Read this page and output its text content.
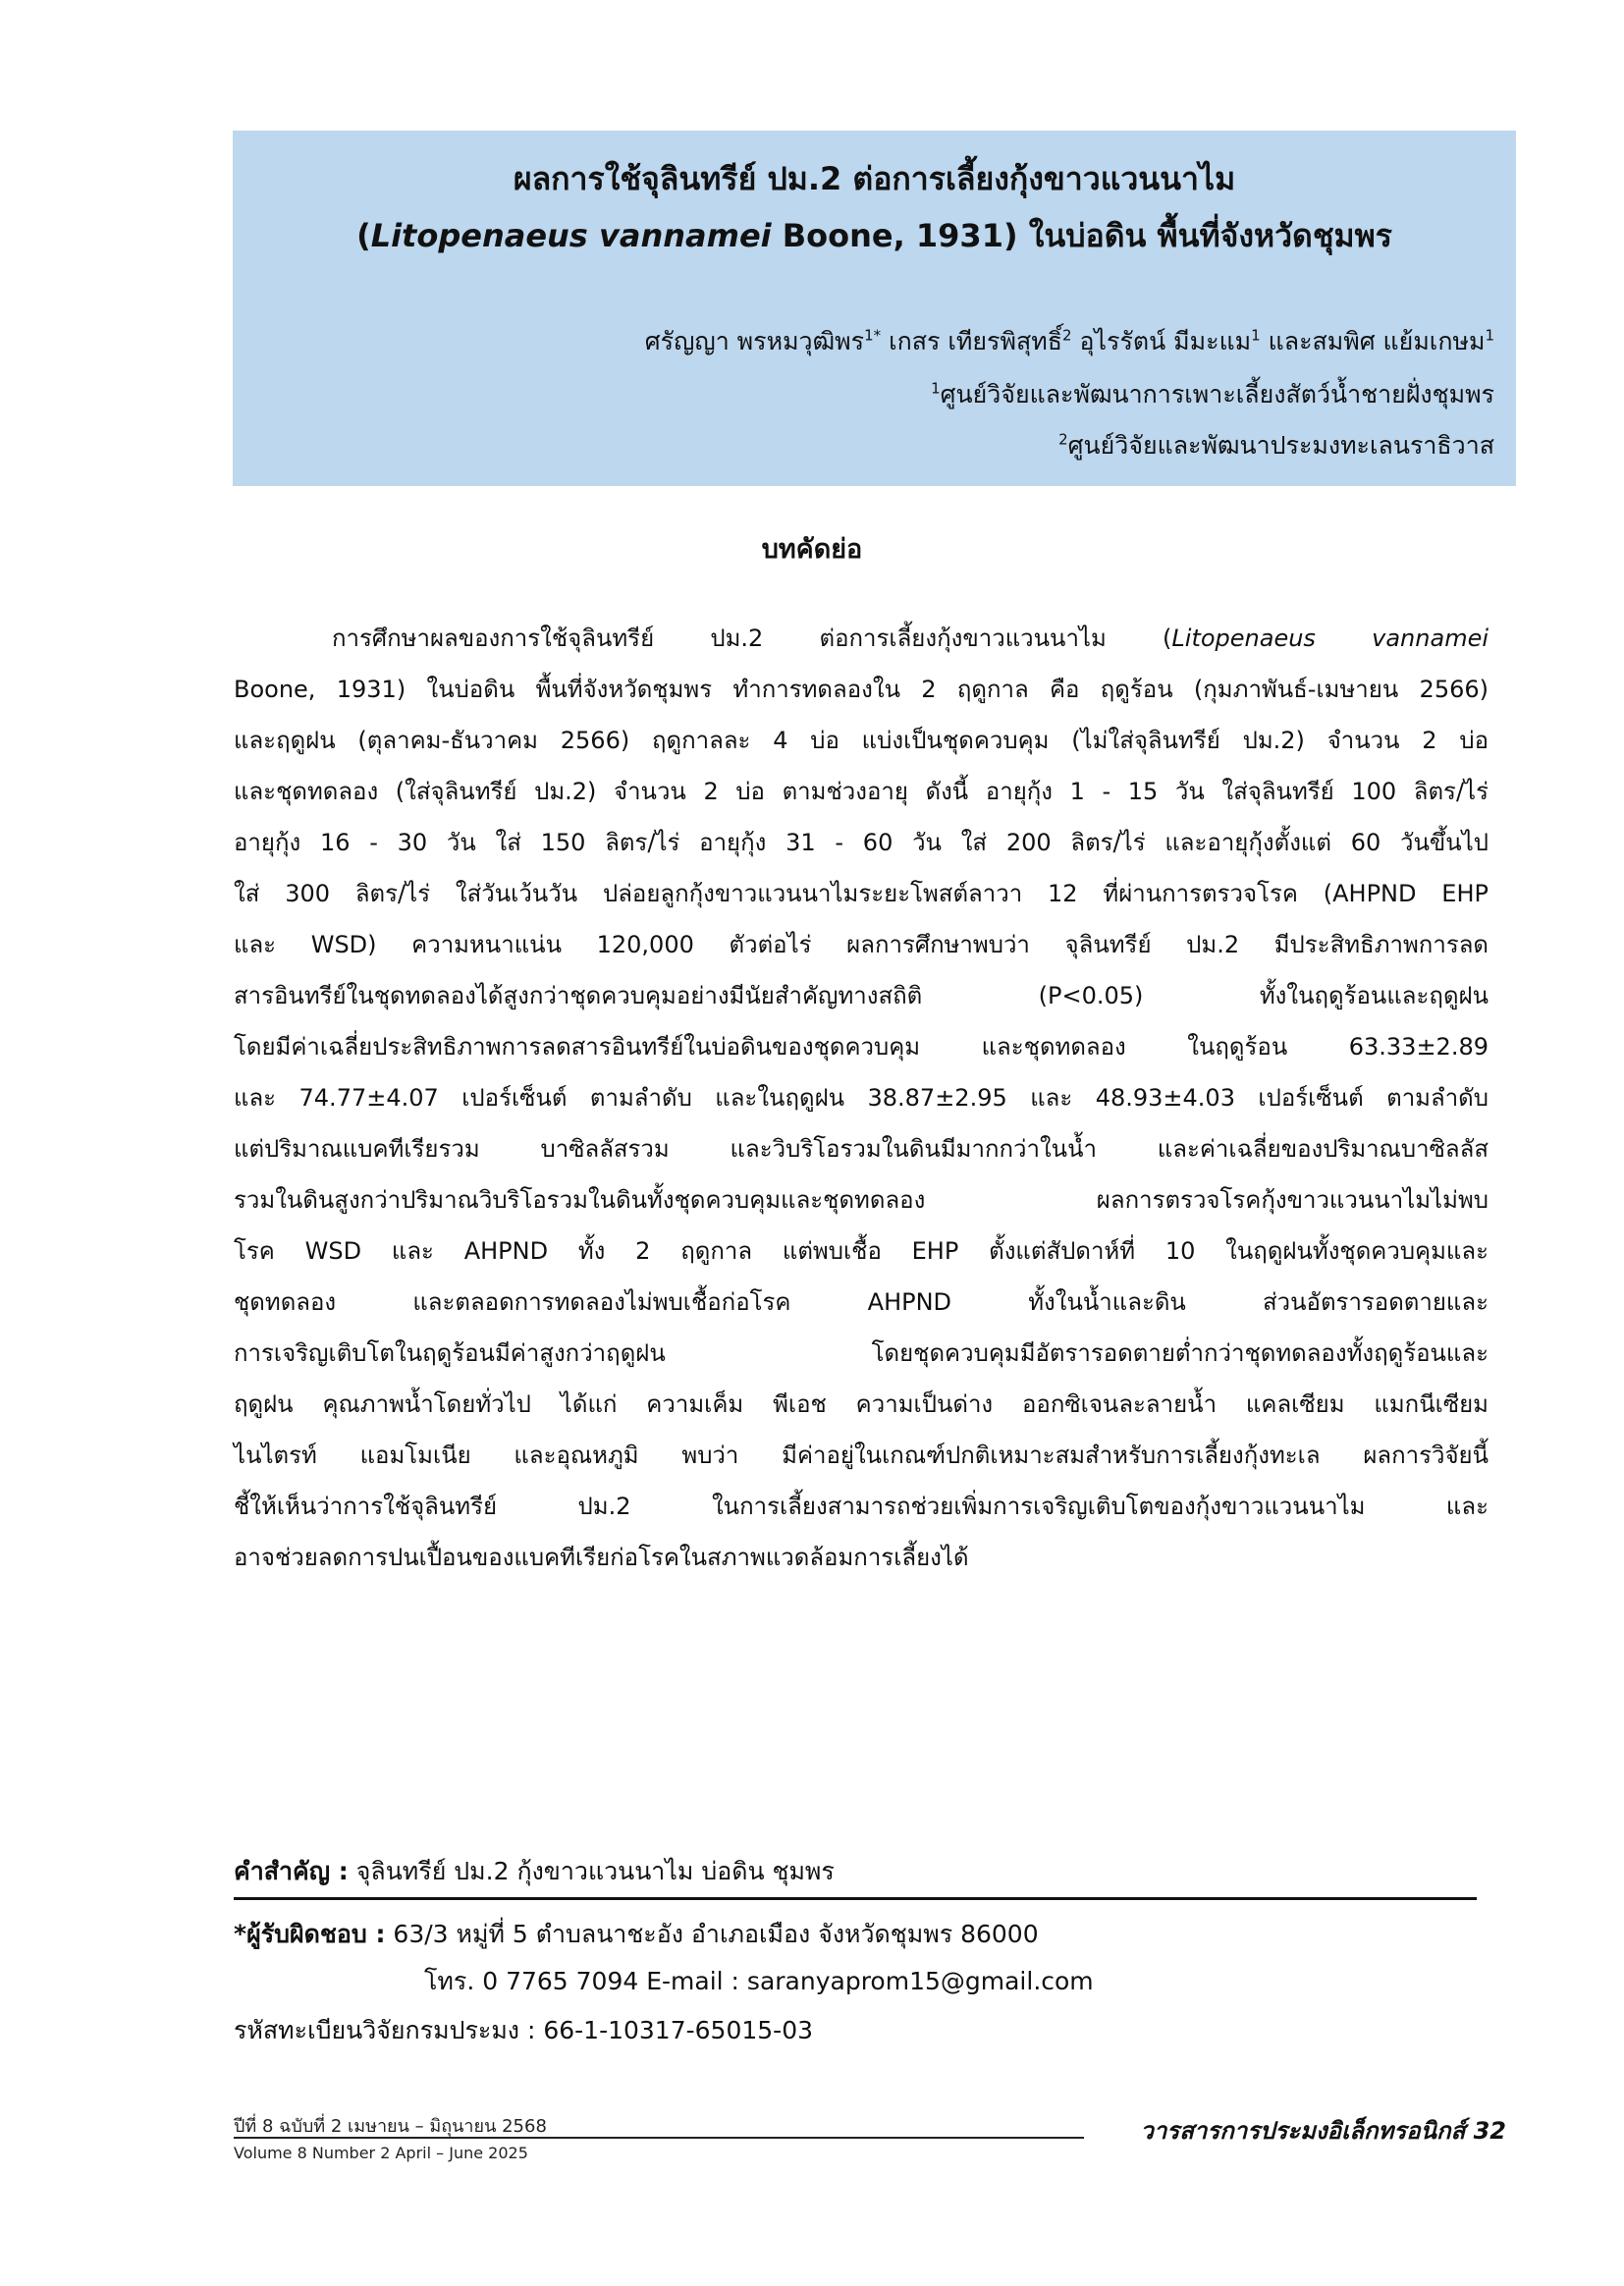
ผลการใช้จุลินทรีย์ ปม.2 ต่อการเลี้ยงกุ้งขาวแวนนาไม
(Litopenaeus vannamei Boone, 1931) ในบ่อดิน พื้นที่จังหวัดชุมพร
ศรัญญา พรหมวุฒิพร$^{1*}$ เกสร เทียรพิสุทธิ์$^2$ อุไรรัตน์ มีมะแม$^1$ และสมพิศ แย้มเกษม$^1$
$^1$ศูนย์วิจัยและพัฒนาการเพาะเลี้ยงสัตว์น้ำชายฝั่งชุมพร
$^2$ศูนย์วิจัยและพัฒนาประมงทะเลนราธิวาส
บทคัดย่อ
การศึกษาผลของการใช้จุลินทรีย์ ปม.2 ต่อการเลี้ยงกุ้งขาวแวนนาไม (Litopenaeus vannamei
Boone, 1931) ในบ่อดิน พื้นที่จังหวัดชุมพร ทำการทดลองใน 2 ฤดูกาล คือ ฤดูร้อน (กุมภาพันธ์-เมษายน 2566)
และฤดูฝน (ตุลาคม-ธันวาคม 2566) ฤดูกาลละ 4 บ่อ แบ่งเป็นชุดควบคุม (ไม่ใส่จุลินทรีย์ ปม.2) จำนวน 2 บ่อ
และชุดทดลอง (ใส่จุลินทรีย์ ปม.2) จำนวน 2 บ่อ ตามช่วงอายุ ดังนี้ อายุกุ้ง 1 - 15 วัน ใส่จุลินทรีย์ 100 ลิตร/ไร่
อายุกุ้ง 16 - 30 วัน ใส่ 150 ลิตร/ไร่ อายุกุ้ง 31 - 60 วัน ใส่ 200 ลิตร/ไร่ และอายุกุ้งตั้งแต่ 60 วันขึ้นไป
ใส่ 300 ลิตร/ไร่ ใส่วันเว้นวัน ปล่อยลูกกุ้งขาวแวนนาไมระยะโพสต์ลาวา 12 ที่ผ่านการตรวจโรค (AHPND EHP
และ WSD) ความหนาแน่น 120,000 ตัวต่อไร่ ผลการศึกษาพบว่า จุลินทรีย์ ปม.2 มีประสิทธิภาพการลด
สารอินทรีย์ในชุดทดลองได้สูงกว่าชุดควบคุมอย่างมีนัยสำคัญทางสถิติ (P<0.05) ทั้งในฤดูร้อนและฤดูฝน
โดยมีค่าเฉลี่ยประสิทธิภาพการลดสารอินทรีย์ในบ่อดินของชุดควบคุม และชุดทดลอง ในฤดูร้อน 63.33±2.89
และ 74.77±4.07 เปอร์เซ็นต์ ตามลำดับ และในฤดูฝน 38.87±2.95 และ 48.93±4.03 เปอร์เซ็นต์ ตามลำดับ
แต่ปริมาณแบคทีเรียรวม บาซิลลัสรวม และวิบริโอรวมในดินมีมากกว่าในน้ำ และค่าเฉลี่ยของปริมาณบาซิลลัส
รวมในดินสูงกว่าปริมาณวิบริโอรวมในดินทั้งชุดควบคุมและชุดทดลอง ผลการตรวจโรคกุ้งขาวแวนนาไมไม่พบ
โรค WSD และ AHPND ทั้ง 2 ฤดูกาล แต่พบเชื้อ EHP ตั้งแต่สัปดาห์ที่ 10 ในฤดูฝนทั้งชุดควบคุมและ
ชุดทดลอง และตลอดการทดลองไม่พบเชื้อก่อโรค AHPND ทั้งในน้ำและดิน ส่วนอัตรารอดตายและ
การเจริญเติบโตในฤดูร้อนมีค่าสูงกว่าฤดูฝน โดยชุดควบคุมมีอัตรารอดตายต่ำกว่าชุดทดลองทั้งฤดูร้อนและ
ฤดูฝน คุณภาพน้ำโดยทั่วไป ได้แก่ ความเค็ม พีเอช ความเป็นด่าง ออกซิเจนละลายน้ำ แคลเซียม แมกนีเซียม
ไนไตรท์ แอมโมเนีย และอุณหภูมิ พบว่า มีค่าอยู่ในเกณฑ์ปกติเหมาะสมสำหรับการเลี้ยงกุ้งทะเล ผลการวิจัยนี้
ชี้ให้เห็นว่าการใช้จุลินทรีย์ ปม.2 ในการเลี้ยงสามารถช่วยเพิ่มการเจริญเติบโตของกุ้งขาวแวนนาไม และ
อาจช่วยลดการปนเปื้อนของแบคทีเรียก่อโรคในสภาพแวดล้อมการเลี้ยงได้
คำสำคัญ : จุลินทรีย์ ปม.2 กุ้งขาวแวนนาไม บ่อดิน ชุมพร
*ผู้รับผิดชอบ : 63/3 หมู่ที่ 5 ตำบลนาชะอัง อำเภอเมือง จังหวัดชุมพร 86000
โทร. 0 7765 7094 E-mail : saranyaprom15@gmail.com
รหัสทะเบียนวิจัยกรมประมง : 66-1-10317-65015-03
ปีที่ 8 ฉบับที่ 2 เมษายน – มิถุนายน 2568
Volume 8 Number 2 April – June 2025
วารสารการประมงอิเล็กทรอนิกส์ 32
